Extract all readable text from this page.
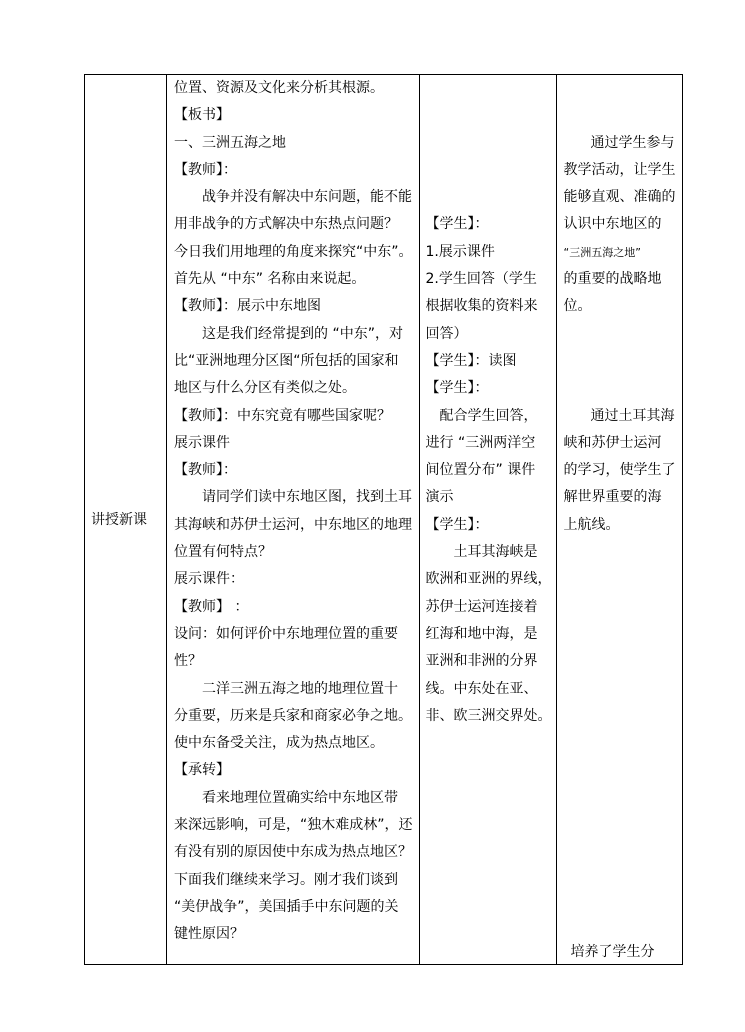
讲授新课

位置、资源及文化来分析其根源。
【板书】
一、三洲五海之地
【教师】：
战争并没有解决中东问题，能不能
用非战争的方式解决中东热点问题？
今日我们用地理的角度来探究“中东”。
首先从 “中东” 名称由来说起。
【教师】：展示中东地图
这是我们经常提到的 “中东”，对
比“亚洲地理分区图“所包括的国家和
地区与什么分区有类似之处。
【教师】：中东究竟有哪些国家呢？
展示课件
【教师】：
请同学们读中东地区图，找到土耳
其海峡和苏伊士运河，中东地区的地理
位置有何特点？
展示课件：
【教师】 ：
设问：如何评价中东地理位置的重要
性？
二洋三洲五海之地的地理位置十
分重要，历来是兵家和商家必争之地。
使中东备受关注，成为热点地区。
【承转】
看来地理位置确实给中东地区带
来深远影响，可是，“独木难成林”，还
有没有别的原因使中东成为热点地区？
下面我们继续来学习。刚才我们谈到
“美伊战争”，美国插手中东问题的关
键性原因？

【学生】：
1.展示课件
2.学生回答（学生
根据收集的资料来
回答）
【学生】：读图
【学生】：
配合学生回答，
进行 “三洲两洋空
间位置分布” 课件
演示
【学生】：
土耳其海峡是
欧洲和亚洲的界线，
苏伊士运河连接着
红海和地中海，是
亚洲和非洲的分界
线。中东处在亚、
非、欧三洲交界处。

通过学生参与
教学活动，让学生
能够直观、准确的
认识中东地区的
“三洲五海之地”
的重要的战略地
位。
通过土耳其海
峡和苏伊士运河
的学习，使学生了
解世界重要的海
上航线。
培养了学生分
